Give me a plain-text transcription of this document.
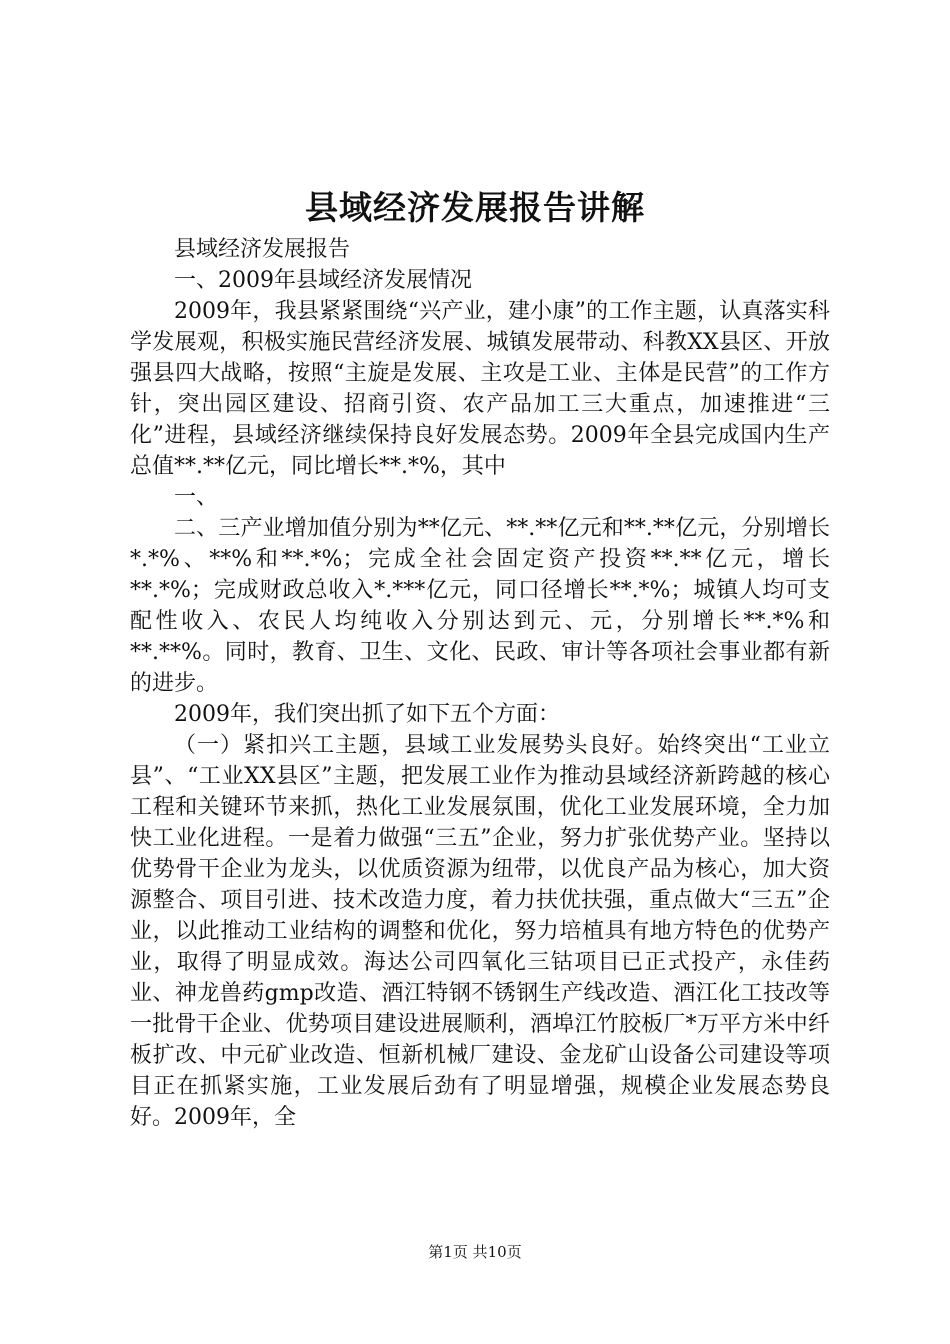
县域经济发展报告讲解

县域经济发展报告

一、2009年县域经济发展情况

2009年，我县紧紧围绕“兴产业，建小康”的工作主题，认真落实科学发展观，积极实施民营经济发展、城镇发展带动、科教XX县区、开放强县四大战略，按照“主旋是发展、主攻是工业、主体是民营”的工作方针，突出园区建设、招商引资、农产品加工三大重点，加速推进“三化”进程，县域经济继续保持良好发展态势。2009年全县完成国内生产总值**.**亿元，同比增长**.*%，其中

一、

二、三产业增加值分别为**亿元、**.**亿元和**.**亿元，分别增长*.*%、**%和**.*%；完成全社会固定资产投资**.**亿元，增长**.*%；完成财政总收入*.***亿元，同口径增长**.*%；城镇人均可支配性收入、农民人均纯收入分别达到元、元，分别增长**.*%和**.**%。同时，教育、卫生、文化、民政、审计等各项社会事业都有新的进步。

2009年，我们突出抓了如下五个方面：

（一）紧扣兴工主题，县域工业发展势头良好。始终突出“工业立县”、“工业XX县区”主题，把发展工业作为推动县域经济新跨越的核心工程和关键环节来抓，热化工业发展氛围，优化工业发展环境，全力加快工业化进程。一是着力做强“三五”企业，努力扩张优势产业。坚持以优势骨干企业为龙头，以优质资源为纽带，以优良产品为核心，加大资源整合、项目引进、技术改造力度，着力扶优扶强，重点做大“三五”企业，以此推动工业结构的调整和优化，努力培植具有地方特色的优势产业，取得了明显成效。海达公司四氧化三钴项目已正式投产，永佳药业、神龙兽药gmp改造、酒江特钢不锈钢生产线改造、酒江化工技改等一批骨干企业、优势项目建设进展顺利，酒埠江竹胶板厂*万平方米中纤板扩改、中元矿业改造、恒新机械厂建设、金龙矿山设备公司建设等项目正在抓紧实施，工业发展后劲有了明显增强，规模企业发展态势良好。2009年，全

第1页 共10页
